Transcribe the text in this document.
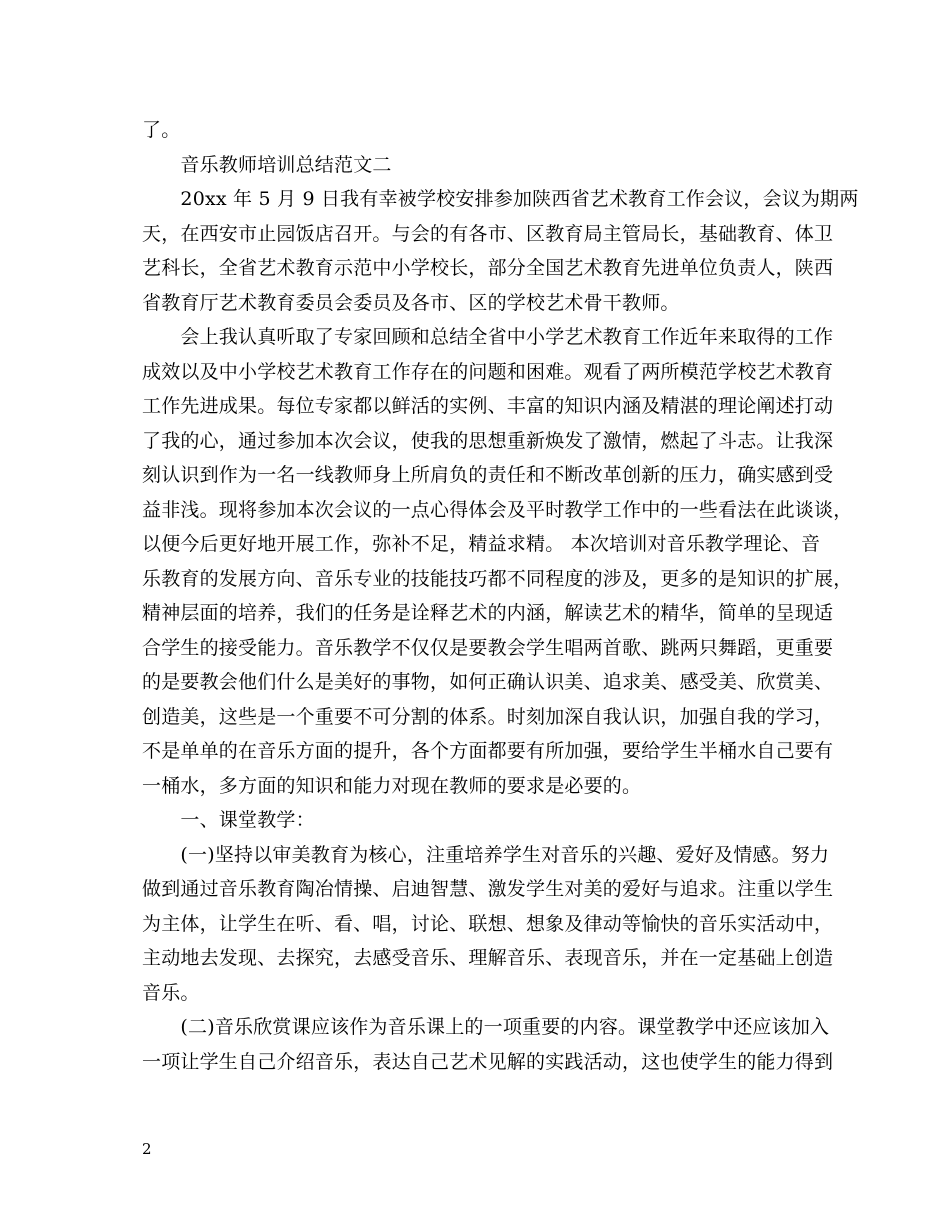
了。
　　音乐教师培训总结范文二
　　20xx 年 5 月 9 日我有幸被学校安排参加陕西省艺术教育工作会议，会议为期两
天，在西安市止园饭店召开。与会的有各市、区教育局主管局长，基础教育、体卫
艺科长，全省艺术教育示范中小学校长，部分全国艺术教育先进单位负责人，陕西
省教育厅艺术教育委员会委员及各市、区的学校艺术骨干教师。
　　会上我认真听取了专家回顾和总结全省中小学艺术教育工作近年来取得的工作
成效以及中小学校艺术教育工作存在的问题和困难。观看了两所模范学校艺术教育
工作先进成果。每位专家都以鲜活的实例、丰富的知识内涵及精湛的理论阐述打动
了我的心，通过参加本次会议，使我的思想重新焕发了激情，燃起了斗志。让我深
刻认识到作为一名一线教师身上所肩负的责任和不断改革创新的压力，确实感到受
益非浅。现将参加本次会议的一点心得体会及平时教学工作中的一些看法在此谈谈，
以便今后更好地开展工作，弥补不足，精益求精。 本次培训对音乐教学理论、音
乐教育的发展方向、音乐专业的技能技巧都不同程度的涉及，更多的是知识的扩展，
精神层面的培养，我们的任务是诠释艺术的内涵，解读艺术的精华，简单的呈现适
合学生的接受能力。音乐教学不仅仅是要教会学生唱两首歌、跳两只舞蹈，更重要
的是要教会他们什么是美好的事物，如何正确认识美、追求美、感受美、欣赏美、
创造美，这些是一个重要不可分割的体系。时刻加深自我认识，加强自我的学习，
不是单单的在音乐方面的提升，各个方面都要有所加强，要给学生半桶水自己要有
一桶水，多方面的知识和能力对现在教师的要求是必要的。
　　一、课堂教学：
　　(一)坚持以审美教育为核心，注重培养学生对音乐的兴趣、爱好及情感。努力
做到通过音乐教育陶冶情操、启迪智慧、激发学生对美的爱好与追求。注重以学生
为主体，让学生在听、看、唱，讨论、联想、想象及律动等愉快的音乐实活动中，
主动地去发现、去探究，去感受音乐、理解音乐、表现音乐，并在一定基础上创造
音乐。
　　(二)音乐欣赏课应该作为音乐课上的一项重要的内容。课堂教学中还应该加入
一项让学生自己介绍音乐，表达自己艺术见解的实践活动，这也使学生的能力得到
2
